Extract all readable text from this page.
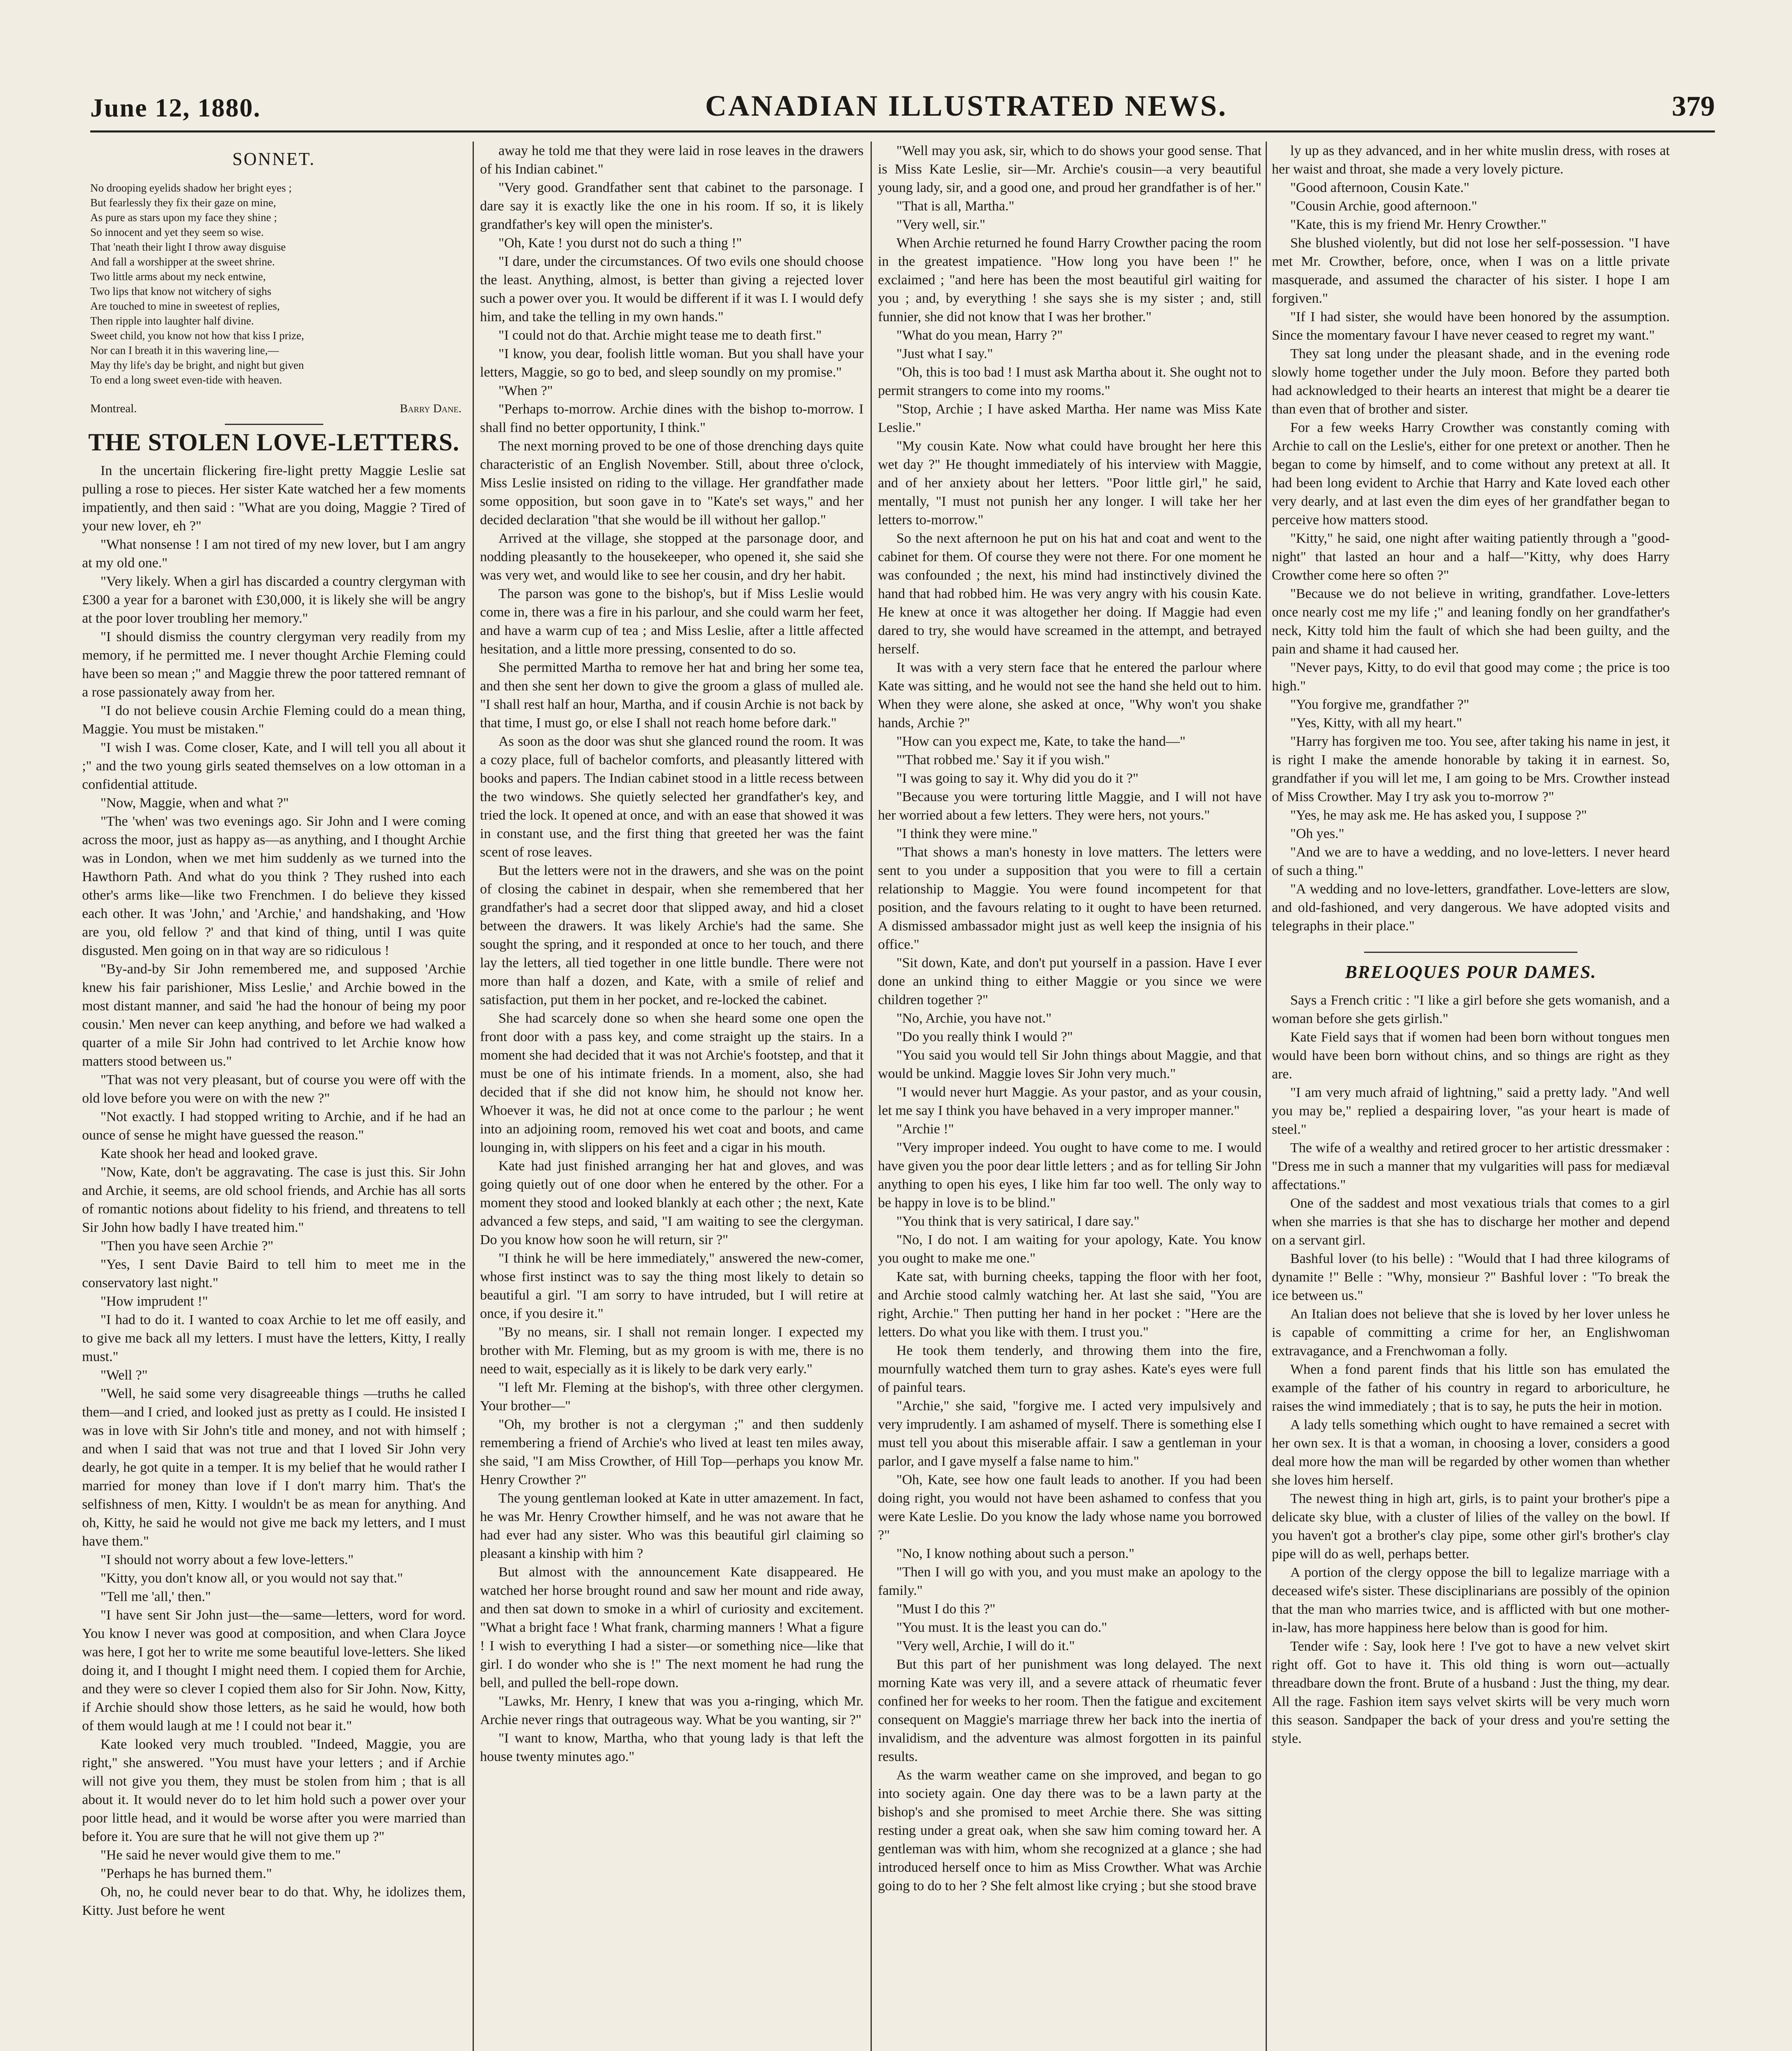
June 12, 1880.	CANADIAN ILLUSTRATED NEWS.	379
SONNET.
No drooping eyelids shadow her bright eyes ;
But fearlessly they fix their gaze on mine,
As pure as stars upon my face they shine ;
So innocent and yet they seem so wise.
That 'neath their light I throw away disguise
And fall a worshipper at the sweet shrine.
Two little arms about my neck entwine,
Two lips that know not witchery of sighs
Are touched to mine in sweetest of replies,
Then ripple into laughter half divine.
Sweet child, you know not how that kiss I prize,
Nor can I breath it in this wavering line,—
May thy life's day be bright, and night but given
To end a long sweet even-tide with heaven.
Montreal.	Barry Dane.
THE STOLEN LOVE-LETTERS.

In the uncertain flickering fire-light pretty Maggie Leslie sat pulling a rose to pieces. Her sister Kate watched her a few moments impatiently, and then said : "What are you doing, Maggie ? Tired of your new lover, eh ?"

"What nonsense ! I am not tired of my new lover, but I am angry at my old one."

"Very likely. When a girl has discarded a country clergyman with £300 a year for a baronet with £30,000, it is likely she will be angry at the poor lover troubling her memory."

"I should dismiss the country clergyman very readily from my memory, if he permitted me. I never thought Archie Fleming could have been so mean ;" and Maggie threw the poor tattered remnant of a rose passionately away from her.

"I do not believe cousin Archie Fleming could do a mean thing, Maggie. You must be mistaken."

"I wish I was. Come closer, Kate, and I will tell you all about it ;" and the two young girls seated themselves on a low ottoman in a confidential attitude.

"Now, Maggie, when and what ?"

"The 'when' was two evenings ago. Sir John and I were coming across the moor, just as happy as—as anything, and I thought Archie was in London, when we met him suddenly as we turned into the Hawthorn Path. And what do you think ? They rushed into each other's arms like—like two Frenchmen. I do believe they kissed each other. It was 'John,' and 'Archie,' and handshaking, and 'How are you, old fellow ?' and that kind of thing, until I was quite disgusted. Men going on in that way are so ridiculous !

"By-and-by Sir John remembered me, and supposed 'Archie knew his fair parishioner, Miss Leslie,' and Archie bowed in the most distant manner, and said 'he had the honour of being my poor cousin.' Men never can keep anything, and before we had walked a quarter of a mile Sir John had contrived to let Archie know how matters stood between us."

"That was not very pleasant, but of course you were off with the old love before you were on with the new ?"

"Not exactly. I had stopped writing to Archie, and if he had an ounce of sense he might have guessed the reason."

Kate shook her head and looked grave.

"Now, Kate, don't be aggravating. The case is just this. Sir John and Archie, it seems, are old school friends, and Archie has all sorts of romantic notions about fidelity to his friend, and threatens to tell Sir John how badly I have treated him."

"Then you have seen Archie ?"

"Yes, I sent Davie Baird to tell him to meet me in the conservatory last night."

"How imprudent !"

"I had to do it. I wanted to coax Archie to let me off easily, and to give me back all my letters. I must have the letters, Kitty, I really must."

"Well ?"

"Well, he said some very disagreeable things —truths he called them—and I cried, and looked just as pretty as I could. He insisted I was in love with Sir John's title and money, and not with himself ; and when I said that was not true and that I loved Sir John very dearly, he got quite in a temper. It is my belief that he would rather I married for money than love if I don't marry him. That's the selfishness of men, Kitty. I wouldn't be as mean for anything. And oh, Kitty, he said he would not give me back my letters, and I must have them."

"I should not worry about a few love-letters."

"Kitty, you don't know all, or you would not say that."

"Tell me 'all,' then."

"I have sent Sir John just—the—same—letters, word for word. You know I never was good at composition, and when Clara Joyce was here, I got her to write me some beautiful love-letters. She liked doing it, and I thought I might need them. I copied them for Archie, and they were so clever I copied them also for Sir John. Now, Kitty, if Archie should show those letters, as he said he would, how both of them would laugh at me ! I could not bear it."

Kate looked very much troubled. "Indeed, Maggie, you are right," she answered. "You must have your letters ; and if Archie will not give you them, they must be stolen from him ; that is all about it. It would never do to let him hold such a power over your poor little head, and it would be worse after you were married than before it. You are sure that he will not give them up ?"

"He said he never would give them to me."

"Perhaps he has burned them."

Oh, no, he could never bear to do that. Why, he idolizes them, Kitty. Just before he went

away he told me that they were laid in rose leaves in the drawers of his Indian cabinet."

"Very good. Grandfather sent that cabinet to the parsonage. I dare say it is exactly like the one in his room. If so, it is likely grandfather's key will open the minister's.

"Oh, Kate ! you durst not do such a thing !"

"I dare, under the circumstances. Of two evils one should choose the least. Anything, almost, is better than giving a rejected lover such a power over you. It would be different if it was I. I would defy him, and take the telling in my own hands."

"I could not do that. Archie might tease me to death first."

"I know, you dear, foolish little woman. But you shall have your letters, Maggie, so go to bed, and sleep soundly on my promise."

"When ?"

"Perhaps to-morrow. Archie dines with the bishop to-morrow. I shall find no better opportunity, I think."

The next morning proved to be one of those drenching days quite characteristic of an English November. Still, about three o'clock, Miss Leslie insisted on riding to the village. Her grandfather made some opposition, but soon gave in to "Kate's set ways," and her decided declaration "that she would be ill without her gallop."

Arrived at the village, she stopped at the parsonage door, and nodding pleasantly to the housekeeper, who opened it, she said she was very wet, and would like to see her cousin, and dry her habit.

The parson was gone to the bishop's, but if Miss Leslie would come in, there was a fire in his parlour, and she could warm her feet, and have a warm cup of tea ; and Miss Leslie, after a little affected hesitation, and a little more pressing, consented to do so.

She permitted Martha to remove her hat and bring her some tea, and then she sent her down to give the groom a glass of mulled ale. "I shall rest half an hour, Martha, and if cousin Archie is not back by that time, I must go, or else I shall not reach home before dark."

As soon as the door was shut she glanced round the room. It was a cozy place, full of bachelor comforts, and pleasantly littered with books and papers. The Indian cabinet stood in a little recess between the two windows. She quietly selected her grandfather's key, and tried the lock. It opened at once, and with an ease that showed it was in constant use, and the first thing that greeted her was the faint scent of rose leaves.

But the letters were not in the drawers, and she was on the point of closing the cabinet in despair, when she remembered that her grandfather's had a secret door that slipped away, and hid a closet between the drawers. It was likely Archie's had the same. She sought the spring, and it responded at once to her touch, and there lay the letters, all tied together in one little bundle. There were not more than half a dozen, and Kate, with a smile of relief and satisfaction, put them in her pocket, and re-locked the cabinet.

She had scarcely done so when she heard some one open the front door with a pass key, and come straight up the stairs. In a moment she had decided that it was not Archie's footstep, and that it must be one of his intimate friends. In a moment, also, she had decided that if she did not know him, he should not know her. Whoever it was, he did not at once come to the parlour ; he went into an adjoining room, removed his wet coat and boots, and came lounging in, with slippers on his feet and a cigar in his mouth.

Kate had just finished arranging her hat and gloves, and was going quietly out of one door when he entered by the other. For a moment they stood and looked blankly at each other ; the next, Kate advanced a few steps, and said, "I am waiting to see the clergyman. Do you know how soon he will return, sir ?"

"I think he will be here immediately," answered the new-comer, whose first instinct was to say the thing most likely to detain so beautiful a girl. "I am sorry to have intruded, but I will retire at once, if you desire it."

"By no means, sir. I shall not remain longer. I expected my brother with Mr. Fleming, but as my groom is with me, there is no need to wait, especially as it is likely to be dark very early."

"I left Mr. Fleming at the bishop's, with three other clergymen. Your brother—"

"Oh, my brother is not a clergyman ;" and then suddenly remembering a friend of Archie's who lived at least ten miles away, she said, "I am Miss Crowther, of Hill Top—perhaps you know Mr. Henry Crowther ?"

The young gentleman looked at Kate in utter amazement. In fact, he was Mr. Henry Crowther himself, and he was not aware that he had ever had any sister. Who was this beautiful girl claiming so pleasant a kinship with him ?

But almost with the announcement Kate disappeared. He watched her horse brought round and saw her mount and ride away, and then sat down to smoke in a whirl of curiosity and excitement. "What a bright face ! What frank, charming manners ! What a figure ! I wish to everything I had a sister—or something nice—like that girl. I do wonder who she is !" The next moment he had rung the bell, and pulled the bell-rope down.

"Lawks, Mr. Henry, I knew that was you a-ringing, which Mr. Archie never rings that outrageous way. What be you wanting, sir ?"

"I want to know, Martha, who that young lady is that left the house twenty minutes ago."

"Well may you ask, sir, which to do shows your good sense. That is Miss Kate Leslie, sir—Mr. Archie's cousin—a very beautiful young lady, sir, and a good one, and proud her grandfather is of her."

"That is all, Martha."

"Very well, sir."

When Archie returned he found Harry Crowther pacing the room in the greatest impatience. "How long you have been !" he exclaimed ; "and here has been the most beautiful girl waiting for you ; and, by everything ! she says she is my sister ; and, still funnier, she did not know that I was her brother."

"What do you mean, Harry ?"

"Just what I say."

"Oh, this is too bad ! I must ask Martha about it. She ought not to permit strangers to come into my rooms."

"Stop, Archie ; I have asked Martha. Her name was Miss Kate Leslie."

"My cousin Kate. Now what could have brought her here this wet day ?" He thought immediately of his interview with Maggie, and of her anxiety about her letters. "Poor little girl," he said, mentally, "I must not punish her any longer. I will take her her letters to-morrow."

So the next afternoon he put on his hat and coat and went to the cabinet for them. Of course they were not there. For one moment he was confounded ; the next, his mind had instinctively divined the hand that had robbed him. He was very angry with his cousin Kate. He knew at once it was altogether her doing. If Maggie had even dared to try, she would have screamed in the attempt, and betrayed herself.

It was with a very stern face that he entered the parlour where Kate was sitting, and he would not see the hand she held out to him. When they were alone, she asked at once, "Why won't you shake hands, Archie ?"

"How can you expect me, Kate, to take the hand—"

"'That robbed me.' Say it if you wish."

"I was going to say it. Why did you do it ?"

"Because you were torturing little Maggie, and I will not have her worried about a few letters. They were hers, not yours."

"I think they were mine."

"That shows a man's honesty in love matters. The letters were sent to you under a supposition that you were to fill a certain relationship to Maggie. You were found incompetent for that position, and the favours relating to it ought to have been returned. A dismissed ambassador might just as well keep the insignia of his office."

"Sit down, Kate, and don't put yourself in a passion. Have I ever done an unkind thing to either Maggie or you since we were children together ?"

"No, Archie, you have not."

"Do you really think I would ?"

"You said you would tell Sir John things about Maggie, and that would be unkind. Maggie loves Sir John very much."

"I would never hurt Maggie. As your pastor, and as your cousin, let me say I think you have behaved in a very improper manner."

"Archie !"

"Very improper indeed. You ought to have come to me. I would have given you the poor dear little letters ; and as for telling Sir John anything to open his eyes, I like him far too well. The only way to be happy in love is to be blind."

"You think that is very satirical, I dare say."

"No, I do not. I am waiting for your apology, Kate. You know you ought to make me one."

Kate sat, with burning cheeks, tapping the floor with her foot, and Archie stood calmly watching her. At last she said, "You are right, Archie." Then putting her hand in her pocket : "Here are the letters. Do what you like with them. I trust you."

He took them tenderly, and throwing them into the fire, mournfully watched them turn to gray ashes. Kate's eyes were full of painful tears.

"Archie," she said, "forgive me. I acted very impulsively and very imprudently. I am ashamed of myself. There is something else I must tell you about this miserable affair. I saw a gentleman in your parlor, and I gave myself a false name to him."

"Oh, Kate, see how one fault leads to another. If you had been doing right, you would not have been ashamed to confess that you were Kate Leslie. Do you know the lady whose name you borrowed ?"

"No, I know nothing about such a person."

"Then I will go with you, and you must make an apology to the family."

"Must I do this ?"

"You must. It is the least you can do."

"Very well, Archie, I will do it."

But this part of her punishment was long delayed. The next morning Kate was very ill, and a severe attack of rheumatic fever confined her for weeks to her room. Then the fatigue and excitement consequent on Maggie's marriage threw her back into the inertia of invalidism, and the adventure was almost forgotten in its painful results.

As the warm weather came on she improved, and began to go into society again. One day there was to be a lawn party at the bishop's and she promised to meet Archie there. She was sitting resting under a great oak, when she saw him coming toward her. A gentleman was with him, whom she recognized at a glance ; she had introduced herself once to him as Miss Crowther. What was Archie going to do to her ? She felt almost like crying ; but she stood brave

ly up as they advanced, and in her white muslin dress, with roses at her waist and throat, she made a very lovely picture.

"Good afternoon, Cousin Kate."

"Cousin Archie, good afternoon."

"Kate, this is my friend Mr. Henry Crowther."

She blushed violently, but did not lose her self-possession. "I have met Mr. Crowther, before, once, when I was on a little private masquerade, and assumed the character of his sister. I hope I am forgiven."

"If I had sister, she would have been honored by the assumption. Since the momentary favour I have never ceased to regret my want."

They sat long under the pleasant shade, and in the evening rode slowly home together under the July moon. Before they parted both had acknowledged to their hearts an interest that might be a dearer tie than even that of brother and sister.

For a few weeks Harry Crowther was constantly coming with Archie to call on the Leslie's, either for one pretext or another. Then he began to come by himself, and to come without any pretext at all. It had been long evident to Archie that Harry and Kate loved each other very dearly, and at last even the dim eyes of her grandfather began to perceive how matters stood.

"Kitty," he said, one night after waiting patiently through a "good-night" that lasted an hour and a half—"Kitty, why does Harry Crowther come here so often ?"

"Because we do not believe in writing, grandfather. Love-letters once nearly cost me my life ;" and leaning fondly on her grandfather's neck, Kitty told him the fault of which she had been guilty, and the pain and shame it had caused her.

"Never pays, Kitty, to do evil that good may come ; the price is too high."

"You forgive me, grandfather ?"

"Yes, Kitty, with all my heart."

"Harry has forgiven me too. You see, after taking his name in jest, it is right I make the amende honorable by taking it in earnest. So, grandfather if you will let me, I am going to be Mrs. Crowther instead of Miss Crowther. May I try ask you to-morrow ?"

"Yes, he may ask me. He has asked you, I suppose ?"

"Oh yes."

"And we are to have a wedding, and no love-letters. I never heard of such a thing."

"A wedding and no love-letters, grandfather. Love-letters are slow, and old-fashioned, and very dangerous. We have adopted visits and telegraphs in their place."

BRELOQUES POUR DAMES.

Says a French critic : "I like a girl before she gets womanish, and a woman before she gets girlish."

Kate Field says that if women had been born without tongues men would have been born without chins, and so things are right as they are.

"I am very much afraid of lightning," said a pretty lady. "And well you may be," replied a despairing lover, "as your heart is made of steel."

The wife of a wealthy and retired grocer to her artistic dressmaker : "Dress me in such a manner that my vulgarities will pass for mediæval affectations."

One of the saddest and most vexatious trials that comes to a girl when she marries is that she has to discharge her mother and depend on a servant girl.

Bashful lover (to his belle) : "Would that I had three kilograms of dynamite !" Belle : "Why, monsieur ?" Bashful lover : "To break the ice between us."

An Italian does not believe that she is loved by her lover unless he is capable of committing a crime for her, an Englishwoman extravagance, and a Frenchwoman a folly.

When a fond parent finds that his little son has emulated the example of the father of his country in regard to arboriculture, he raises the wind immediately ; that is to say, he puts the heir in motion.

A lady tells something which ought to have remained a secret with her own sex. It is that a woman, in choosing a lover, considers a good deal more how the man will be regarded by other women than whether she loves him herself.

The newest thing in high art, girls, is to paint your brother's pipe a delicate sky blue, with a cluster of lilies of the valley on the bowl. If you haven't got a brother's clay pipe, some other girl's brother's clay pipe will do as well, perhaps better.

A portion of the clergy oppose the bill to legalize marriage with a deceased wife's sister. These disciplinarians are possibly of the opinion that the man who marries twice, and is afflicted with but one mother-in-law, has more happiness here below than is good for him.

Tender wife : Say, look here ! I've got to have a new velvet skirt right off. Got to have it. This old thing is worn out—actually threadbare down the front. Brute of a husband : Just the thing, my dear. All the rage. Fashion item says velvet skirts will be very much worn this season. Sandpaper the back of your dress and you're setting the style.
